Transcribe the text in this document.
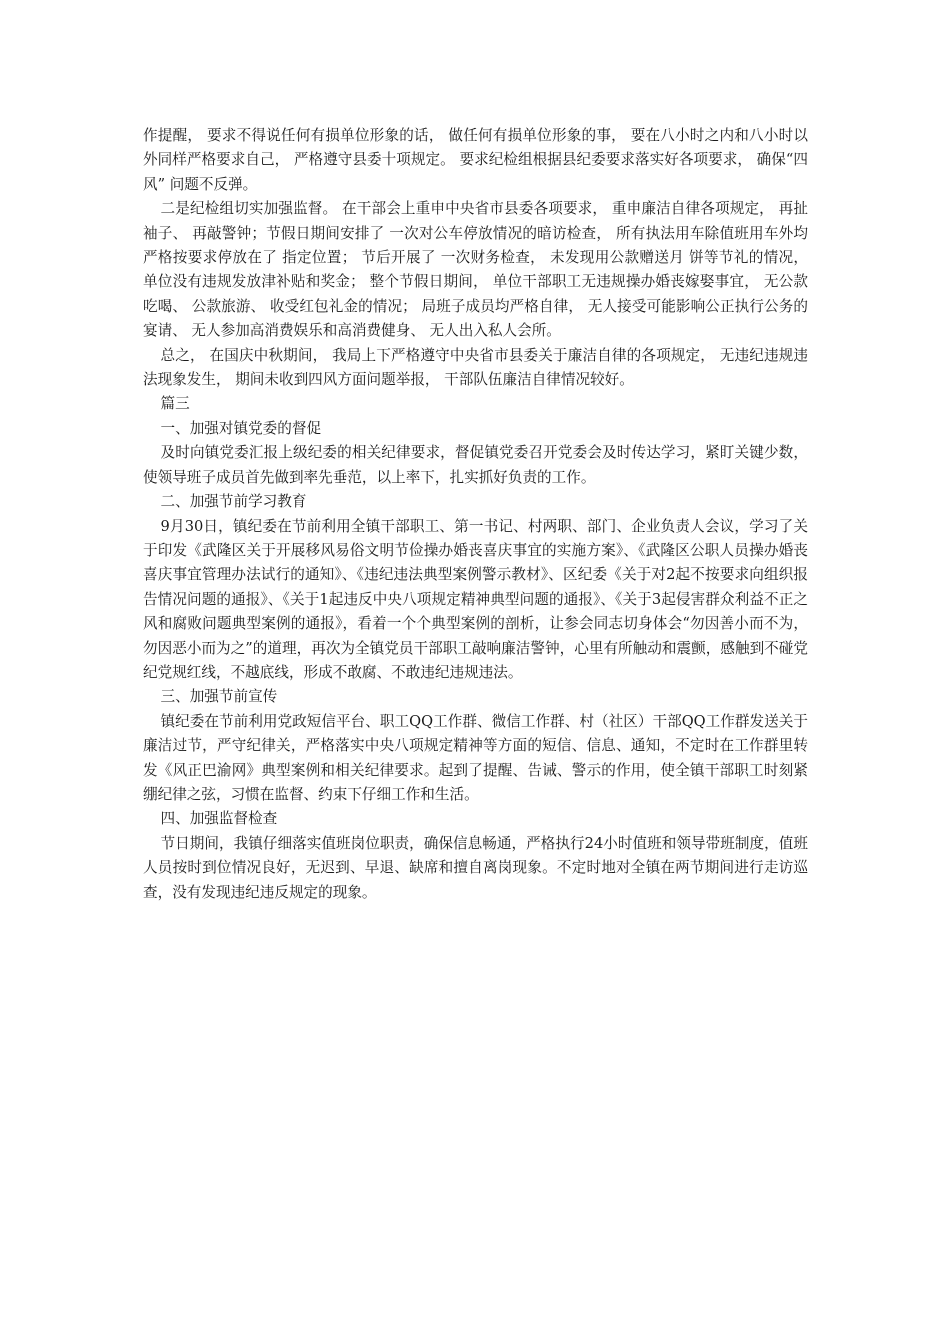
作提醒， 要求不得说任何有损单位形象的话， 做任何有损单位形象的事， 要在八小时之内和八小时以外同样严格要求自己， 严格遵守县委十项规定。 要求纪检组根据县纪委要求落实好各项要求， 确保“四风” 问题不反弹。

二是纪检组切实加强监督。 在干部会上重申中央省市县委各项要求， 重申廉洁自律各项规定， 再扯袖子、 再敲警钟；节假日期间安排了 一次对公车停放情况的暗访检查， 所有执法用车除值班用车外均严格按要求停放在了 指定位置； 节后开展了 一次财务检查， 未发现用公款赠送月 饼等节礼的情况， 单位没有违规发放津补贴和奖金； 整个节假日期间， 单位干部职工无违规操办婚丧嫁娶事宜， 无公款吃喝、 公款旅游、 收受红包礼金的情况； 局班子成员均严格自律， 无人接受可能影响公正执行公务的宴请、 无人参加高消费娱乐和高消费健身、 无人出入私人会所。

总之， 在国庆中秋期间， 我局上下严格遵守中央省市县委关于廉洁自律的各项规定， 无违纪违规违法现象发生， 期间未收到四风方面问题举报， 干部队伍廉洁自律情况较好。

篇三

一、加强对镇党委的督促

及时向镇党委汇报上级纪委的相关纪律要求，督促镇党委召开党委会及时传达学习，紧盯关键少数，使领导班子成员首先做到率先垂范，以上率下，扎实抓好负责的工作。

二、加强节前学习教育

9月30日，镇纪委在节前利用全镇干部职工、第一书记、村两职、部门、企业负责人会议，学习了关于印发《武隆区关于开展移风易俗文明节俭操办婚丧喜庆事宜的实施方案》、《武隆区公职人员操办婚丧喜庆事宜管理办法试行的通知》、《违纪违法典型案例警示教材》、区纪委《关于对2起不按要求向组织报告情况问题的通报》、《关于1起违反中央八项规定精神典型问题的通报》、《关于3起侵害群众利益不正之风和腐败问题典型案例的通报》，看着一个个典型案例的剖析，让参会同志切身体会“勿因善小而不为，勿因恶小而为之”的道理，再次为全镇党员干部职工敲响廉洁警钟，心里有所触动和震颤，感触到不碰党纪党规红线，不越底线，形成不敢腐、不敢违纪违规违法。

三、加强节前宣传

镇纪委在节前利用党政短信平台、职工QQ工作群、微信工作群、村（社区）干部QQ工作群发送关于廉洁过节，严守纪律关，严格落实中央八项规定精神等方面的短信、信息、通知，不定时在工作群里转发《风正巴渝网》典型案例和相关纪律要求。起到了提醒、告诫、警示的作用，使全镇干部职工时刻紧绷纪律之弦，习惯在监督、约束下仔细工作和生活。

四、加强监督检查

节日期间，我镇仔细落实值班岗位职责，确保信息畅通，严格执行24小时值班和领导带班制度，值班人员按时到位情况良好，无迟到、早退、缺席和擅自离岗现象。不定时地对全镇在两节期间进行走访巡查，没有发现违纪违反规定的现象。
